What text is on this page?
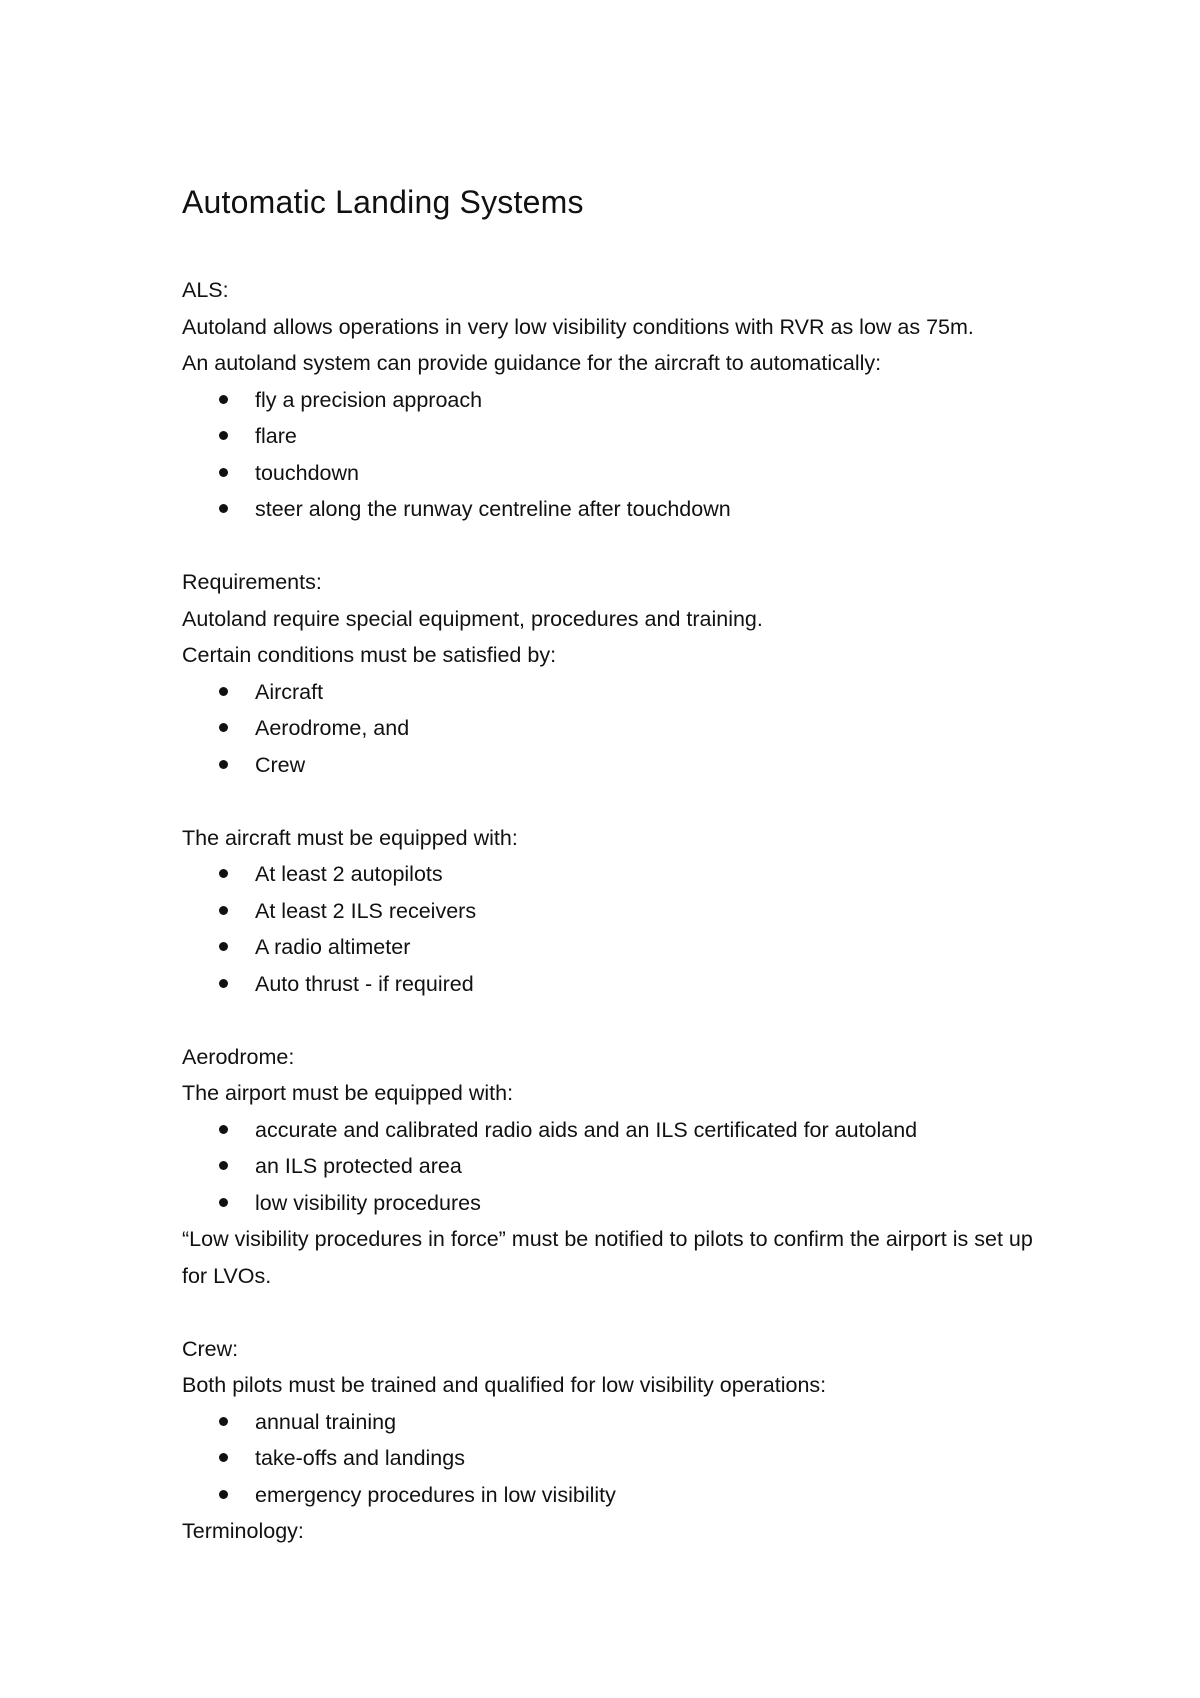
Automatic Landing Systems

ALS:

Autoland allows operations in very low visibility conditions with RVR as low as 75m.

An autoland system can provide guidance for the aircraft to automatically:

fly a precision approach
flare
touchdown
steer along the runway centreline after touchdown

Requirements:

Autoland require special equipment, procedures and training.

Certain conditions must be satisfied by:

Aircraft
Aerodrome, and
Crew

The aircraft must be equipped with:

At least 2 autopilots
At least 2 ILS receivers
A radio altimeter
Auto thrust - if required

Aerodrome:

The airport must be equipped with:

accurate and calibrated radio aids and an ILS certificated for autoland
an ILS protected area
low visibility procedures

“Low visibility procedures in force” must be notified to pilots to confirm the airport is set up for LVOs.

Crew:

Both pilots must be trained and qualified for low visibility operations:

annual training
take-offs and landings
emergency procedures in low visibility

Terminology:
